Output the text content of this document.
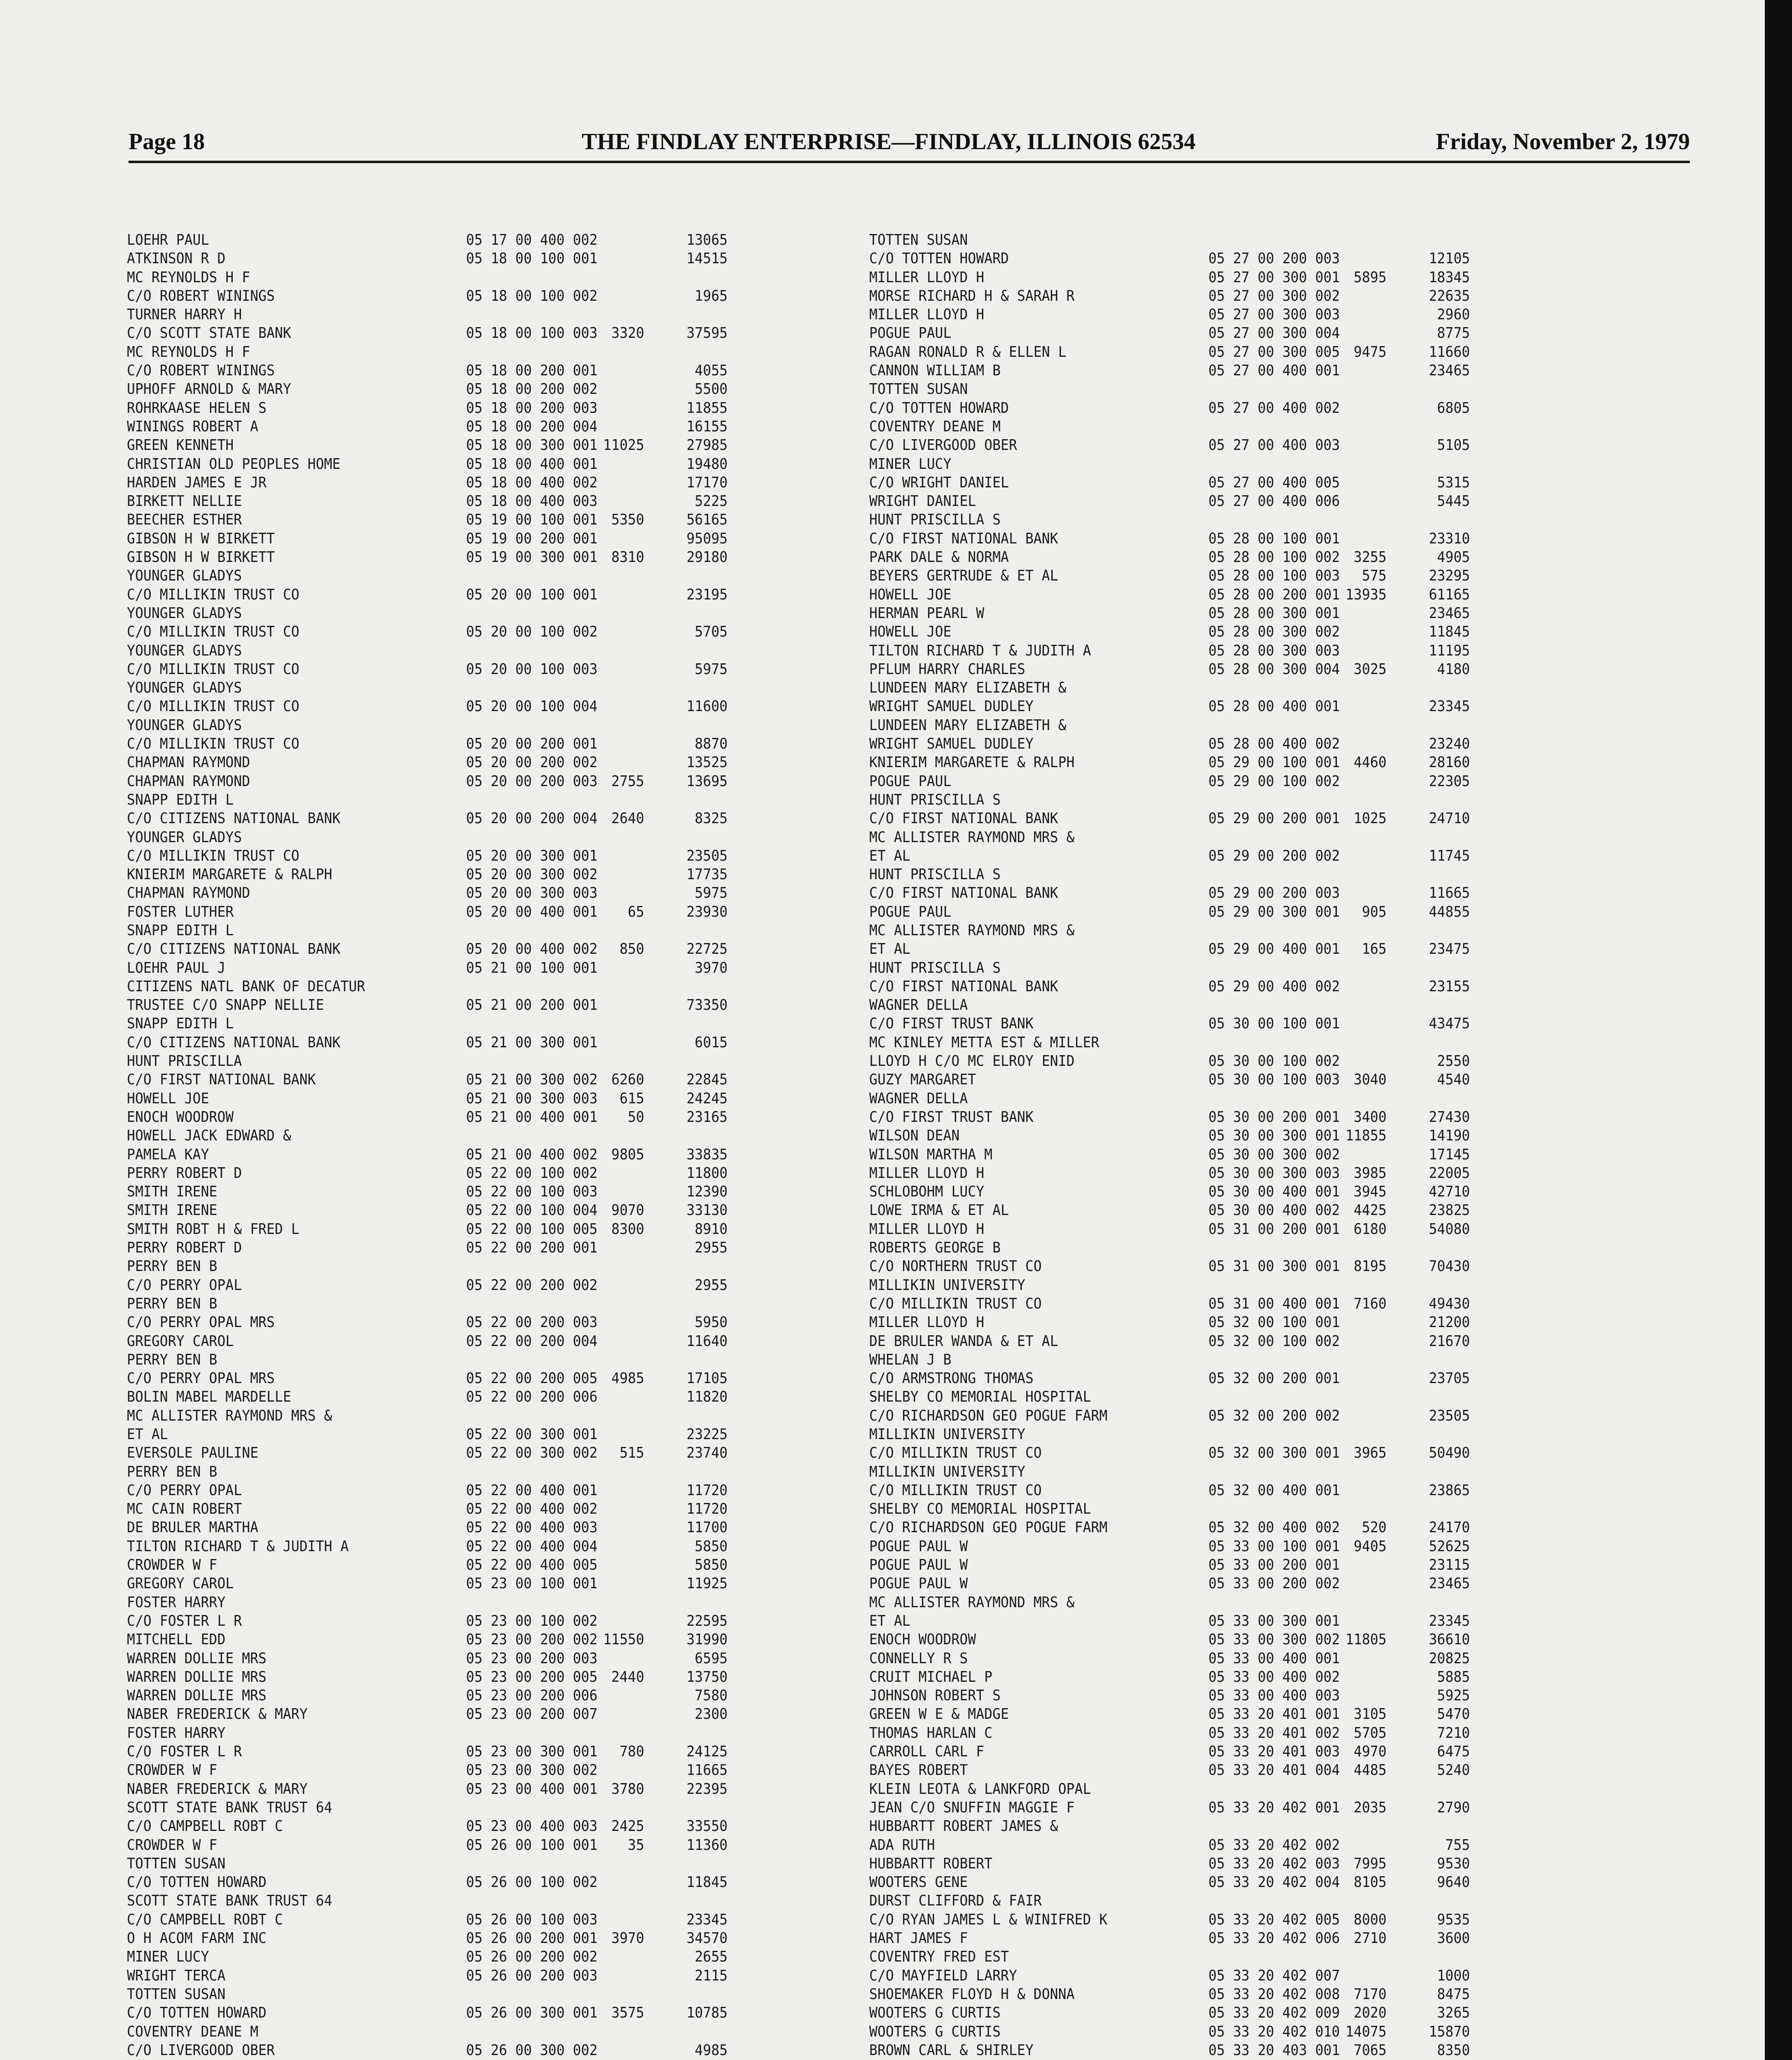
Page 18	THE FINDLAY ENTERPRISE—FINDLAY, ILLINOIS 62534	Friday, November 2, 1979
LOEHR PAUL	05 17 00 400 002	13065
ATKINSON R D	05 18 00 100 001	14515
MC REYNOLDS H F
C/O ROBERT WININGS	05 18 00 100 002	1965
TURNER HARRY H
C/O SCOTT STATE BANK	05 18 00 100 003 3320	37595
MC REYNOLDS H F
C/O ROBERT WININGS	05 18 00 200 001	4055
UPHOFF ARNOLD & MARY	05 18 00 200 002	5500
ROHRKAASE HELEN S	05 18 00 200 003	11855
WININGS ROBERT A	05 18 00 200 004	16155
GREEN KENNETH	05 18 00 300 001 11025	27985
CHRISTIAN OLD PEOPLES HOME	05 18 00 400 001	19480
HARDEN JAMES E JR	05 18 00 400 002	17170
BIRKETT NELLIE	05 18 00 400 003	5225
BEECHER ESTHER	05 19 00 100 001 5350	56165
GIBSON H W BIRKETT	05 19 00 200 001	95095
GIBSON H W BIRKETT	05 19 00 300 001 8310	29180
YOUNGER GLADYS
C/O MILLIKIN TRUST CO	05 20 00 100 001	23195
YOUNGER GLADYS
C/O MILLIKIN TRUST CO	05 20 00 100 002	5705
YOUNGER GLADYS
C/O MILLIKIN TRUST CO	05 20 00 100 003	5975
YOUNGER GLADYS
C/O MILLIKIN TRUST CO	05 20 00 100 004	11600
YOUNGER GLADYS
C/O MILLIKIN TRUST CO	05 20 00 200 001	8870
CHAPMAN RAYMOND	05 20 00 200 002	13525
CHAPMAN RAYMOND	05 20 00 200 003 2755	13695
SNAPP EDITH L
C/O CITIZENS NATIONAL BANK	05 20 00 200 004 2640	8325
YOUNGER GLADYS
C/O MILLIKIN TRUST CO	05 20 00 300 001	23505
KNIERIM MARGARETE & RALPH	05 20 00 300 002	17735
CHAPMAN RAYMOND	05 20 00 300 003	5975
FOSTER LUTHER	05 20 00 400 001	65	23930
SNAPP EDITH L
C/O CITIZENS NATIONAL BANK	05 20 00 400 002	850	22725
LOEHR PAUL J	05 21 00 100 001	3970
CITIZENS NATL BANK OF DECATUR
TRUSTEE C/O SNAPP NELLIE	05 21 00 200 001	73350
SNAPP EDITH L
C/O CITIZENS NATIONAL BANK	05 21 00 300 001	6015
HUNT PRISCILLA
C/O FIRST NATIONAL BANK	05 21 00 300 002 6260	22845
HOWELL JOE	05 21 00 300 003	615	24245
ENOCH WOODROW	05 21 00 400 001	50	23165
HOWELL JACK EDWARD &
PAMELA KAY	05 21 00 400 002 9805	33835
PERRY ROBERT D	05 22 00 100 002	11800
SMITH IRENE	05 22 00 100 003	12390
SMITH IRENE	05 22 00 100 004 9070	33130
SMITH ROBT H & FRED L	05 22 00 100 005 8300	8910
PERRY ROBERT D	05 22 00 200 001	2955
PERRY BEN B
C/O PERRY OPAL	05 22 00 200 002	2955
PERRY BEN B
C/O PERRY OPAL MRS	05 22 00 200 003	5950
GREGORY CAROL	05 22 00 200 004	11640
PERRY BEN B
C/O PERRY OPAL MRS	05 22 00 200 005 4985	17105
BOLIN MABEL MARDELLE	05 22 00 200 006	11820
MC ALLISTER RAYMOND MRS &
ET AL	05 22 00 300 001	23225
EVERSOLE PAULINE	05 22 00 300 002	515	23740
PERRY BEN B
C/O PERRY OPAL	05 22 00 400 001	11720
MC CAIN ROBERT	05 22 00 400 002	11720
DE BRULER MARTHA	05 22 00 400 003	11700
TILTON RICHARD T & JUDITH A	05 22 00 400 004	5850
CROWDER W F	05 22 00 400 005	5850
GREGORY CAROL	05 23 00 100 001	11925
FOSTER HARRY
C/O FOSTER L R	05 23 00 100 002	22595
MITCHELL EDD	05 23 00 200 002 11550	31990
WARREN DOLLIE MRS	05 23 00 200 003	6595
WARREN DOLLIE MRS	05 23 00 200 005 2440	13750
WARREN DOLLIE MRS	05 23 00 200 006	7580
NABER FREDERICK & MARY	05 23 00 200 007	2300
FOSTER HARRY
C/O FOSTER L R	05 23 00 300 001	780	24125
CROWDER W F	05 23 00 300 002	11665
NABER FREDERICK & MARY	05 23 00 400 001 3780	22395
SCOTT STATE BANK TRUST 64
C/O CAMPBELL ROBT C	05 23 00 400 003 2425	33550
CROWDER W F	05 26 00 100 001	35	11360
TOTTEN SUSAN
C/O TOTTEN HOWARD	05 26 00 100 002	11845
SCOTT STATE BANK TRUST 64
C/O CAMPBELL ROBT C	05 26 00 100 003	23345
O H ACOM FARM INC	05 26 00 200 001 3970	34570
MINER LUCY	05 26 00 200 002	2655
WRIGHT TERCA	05 26 00 200 003	2115
TOTTEN SUSAN
C/O TOTTEN HOWARD	05 26 00 300 001 3575	10785
COVENTRY DEANE M
C/O LIVERGOOD OBER	05 26 00 300 002	4985
TOTTEN SUSAN
C/O TOTTEN HOWARD	05 27 00 200 003	12105
MILLER LLOYD H	05 27 00 300 001 5895	18345
MORSE RICHARD H & SARAH R	05 27 00 300 002	22635
MILLER LLOYD H	05 27 00 300 003	2960
POGUE PAUL	05 27 00 300 004	8775
RAGAN RONALD R & ELLEN L	05 27 00 300 005 9475	11660
CANNON WILLIAM B	05 27 00 400 001	23465
TOTTEN SUSAN
C/O TOTTEN HOWARD	05 27 00 400 002	6805
COVENTRY DEANE M
C/O LIVERGOOD OBER	05 27 00 400 003	5105
MINER LUCY
C/O WRIGHT DANIEL	05 27 00 400 005	5315
WRIGHT DANIEL	05 27 00 400 006	5445
HUNT PRISCILLA S
C/O FIRST NATIONAL BANK	05 28 00 100 001	23310
PARK DALE & NORMA	05 28 00 100 002 3255	4905
BEYERS GERTRUDE & ET AL	05 28 00 100 003	575	23295
HOWELL JOE	05 28 00 200 001 13935	61165
HERMAN PEARL W	05 28 00 300 001	23465
HOWELL JOE	05 28 00 300 002	11845
TILTON RICHARD T & JUDITH A	05 28 00 300 003	11195
PFLUM HARRY CHARLES	05 28 00 300 004 3025	4180
LUNDEEN MARY ELIZABETH &
WRIGHT SAMUEL DUDLEY	05 28 00 400 001	23345
LUNDEEN MARY ELIZABETH &
WRIGHT SAMUEL DUDLEY	05 28 00 400 002	23240
KNIERIM MARGARETE & RALPH	05 29 00 100 001 4460	28160
POGUE PAUL	05 29 00 100 002	22305
HUNT PRISCILLA S
C/O FIRST NATIONAL BANK	05 29 00 200 001 1025	24710
MC ALLISTER RAYMOND MRS &
ET AL	05 29 00 200 002	11745
HUNT PRISCILLA S
C/O FIRST NATIONAL BANK	05 29 00 200 003	11665
POGUE PAUL	05 29 00 300 001	905	44855
MC ALLISTER RAYMOND MRS &
ET AL	05 29 00 400 001	165	23475
HUNT PRISCILLA S
C/O FIRST NATIONAL BANK	05 29 00 400 002	23155
WAGNER DELLA
C/O FIRST TRUST BANK	05 30 00 100 001	43475
MC KINLEY METTA EST & MILLER
LLOYD H C/O MC ELROY ENID	05 30 00 100 002	2550
GUZY MARGARET	05 30 00 100 003 3040	4540
WAGNER DELLA
C/O FIRST TRUST BANK	05 30 00 200 001 3400	27430
WILSON DEAN	05 30 00 300 001 11855	14190
WILSON MARTHA M	05 30 00 300 002	17145
MILLER LLOYD H	05 30 00 300 003 3985	22005
SCHLOBOHM LUCY	05 30 00 400 001 3945	42710
LOWE IRMA & ET AL	05 30 00 400 002 4425	23825
MILLER LLOYD H	05 31 00 200 001 6180	54080
ROBERTS GEORGE B
C/O NORTHERN TRUST CO	05 31 00 300 001 8195	70430
MILLIKIN UNIVERSITY
C/O MILLIKIN TRUST CO	05 31 00 400 001 7160	49430
MILLER LLOYD H	05 32 00 100 001	21200
DE BRULER WANDA & ET AL	05 32 00 100 002	21670
WHELAN J B
C/O ARMSTRONG THOMAS	05 32 00 200 001	23705
SHELBY CO MEMORIAL HOSPITAL
C/O RICHARDSON GEO POGUE FARM	05 32 00 200 002	23505
MILLIKIN UNIVERSITY
C/O MILLIKIN TRUST CO	05 32 00 300 001 3965	50490
MILLIKIN UNIVERSITY
C/O MILLIKIN TRUST CO	05 32 00 400 001	23865
SHELBY CO MEMORIAL HOSPITAL
C/O RICHARDSON GEO POGUE FARM	05 32 00 400 002	520	24170
POGUE PAUL W	05 33 00 100 001 9405	52625
POGUE PAUL W	05 33 00 200 001	23115
POGUE PAUL W	05 33 00 200 002	23465
MC ALLISTER RAYMOND MRS &
ET AL	05 33 00 300 001	23345
ENOCH WOODROW	05 33 00 300 002 11805	36610
CONNELLY R S	05 33 00 400 001	20825
CRUIT MICHAEL P	05 33 00 400 002	5885
JOHNSON ROBERT S	05 33 00 400 003	5925
GREEN W E & MADGE	05 33 20 401 001 3105	5470
THOMAS HARLAN C	05 33 20 401 002 5705	7210
CARROLL CARL F	05 33 20 401 003 4970	6475
BAYES ROBERT	05 33 20 401 004 4485	5240
KLEIN LEOTA & LANKFORD OPAL
JEAN C/O SNUFFIN MAGGIE F	05 33 20 402 001 2035	2790
HUBBARTT ROBERT JAMES &
ADA RUTH	05 33 20 402 002	755
HUBBARTT ROBERT	05 33 20 402 003 7995	9530
WOOTERS GENE	05 33 20 402 004 8105	9640
DURST CLIFFORD & FAIR
C/O RYAN JAMES L & WINIFRED K	05 33 20 402 005 8000	9535
HART JAMES F	05 33 20 402 006 2710	3600
COVENTRY FRED EST
C/O MAYFIELD LARRY	05 33 20 402 007	1000
SHOEMAKER FLOYD H & DONNA	05 33 20 402 008 7170	8475
WOOTERS G CURTIS	05 33 20 402 009 2020	3265
WOOTERS G CURTIS	05 33 20 402 010 14075	15870
BROWN CARL & SHIRLEY	05 33 20 403 001 7065	8350
